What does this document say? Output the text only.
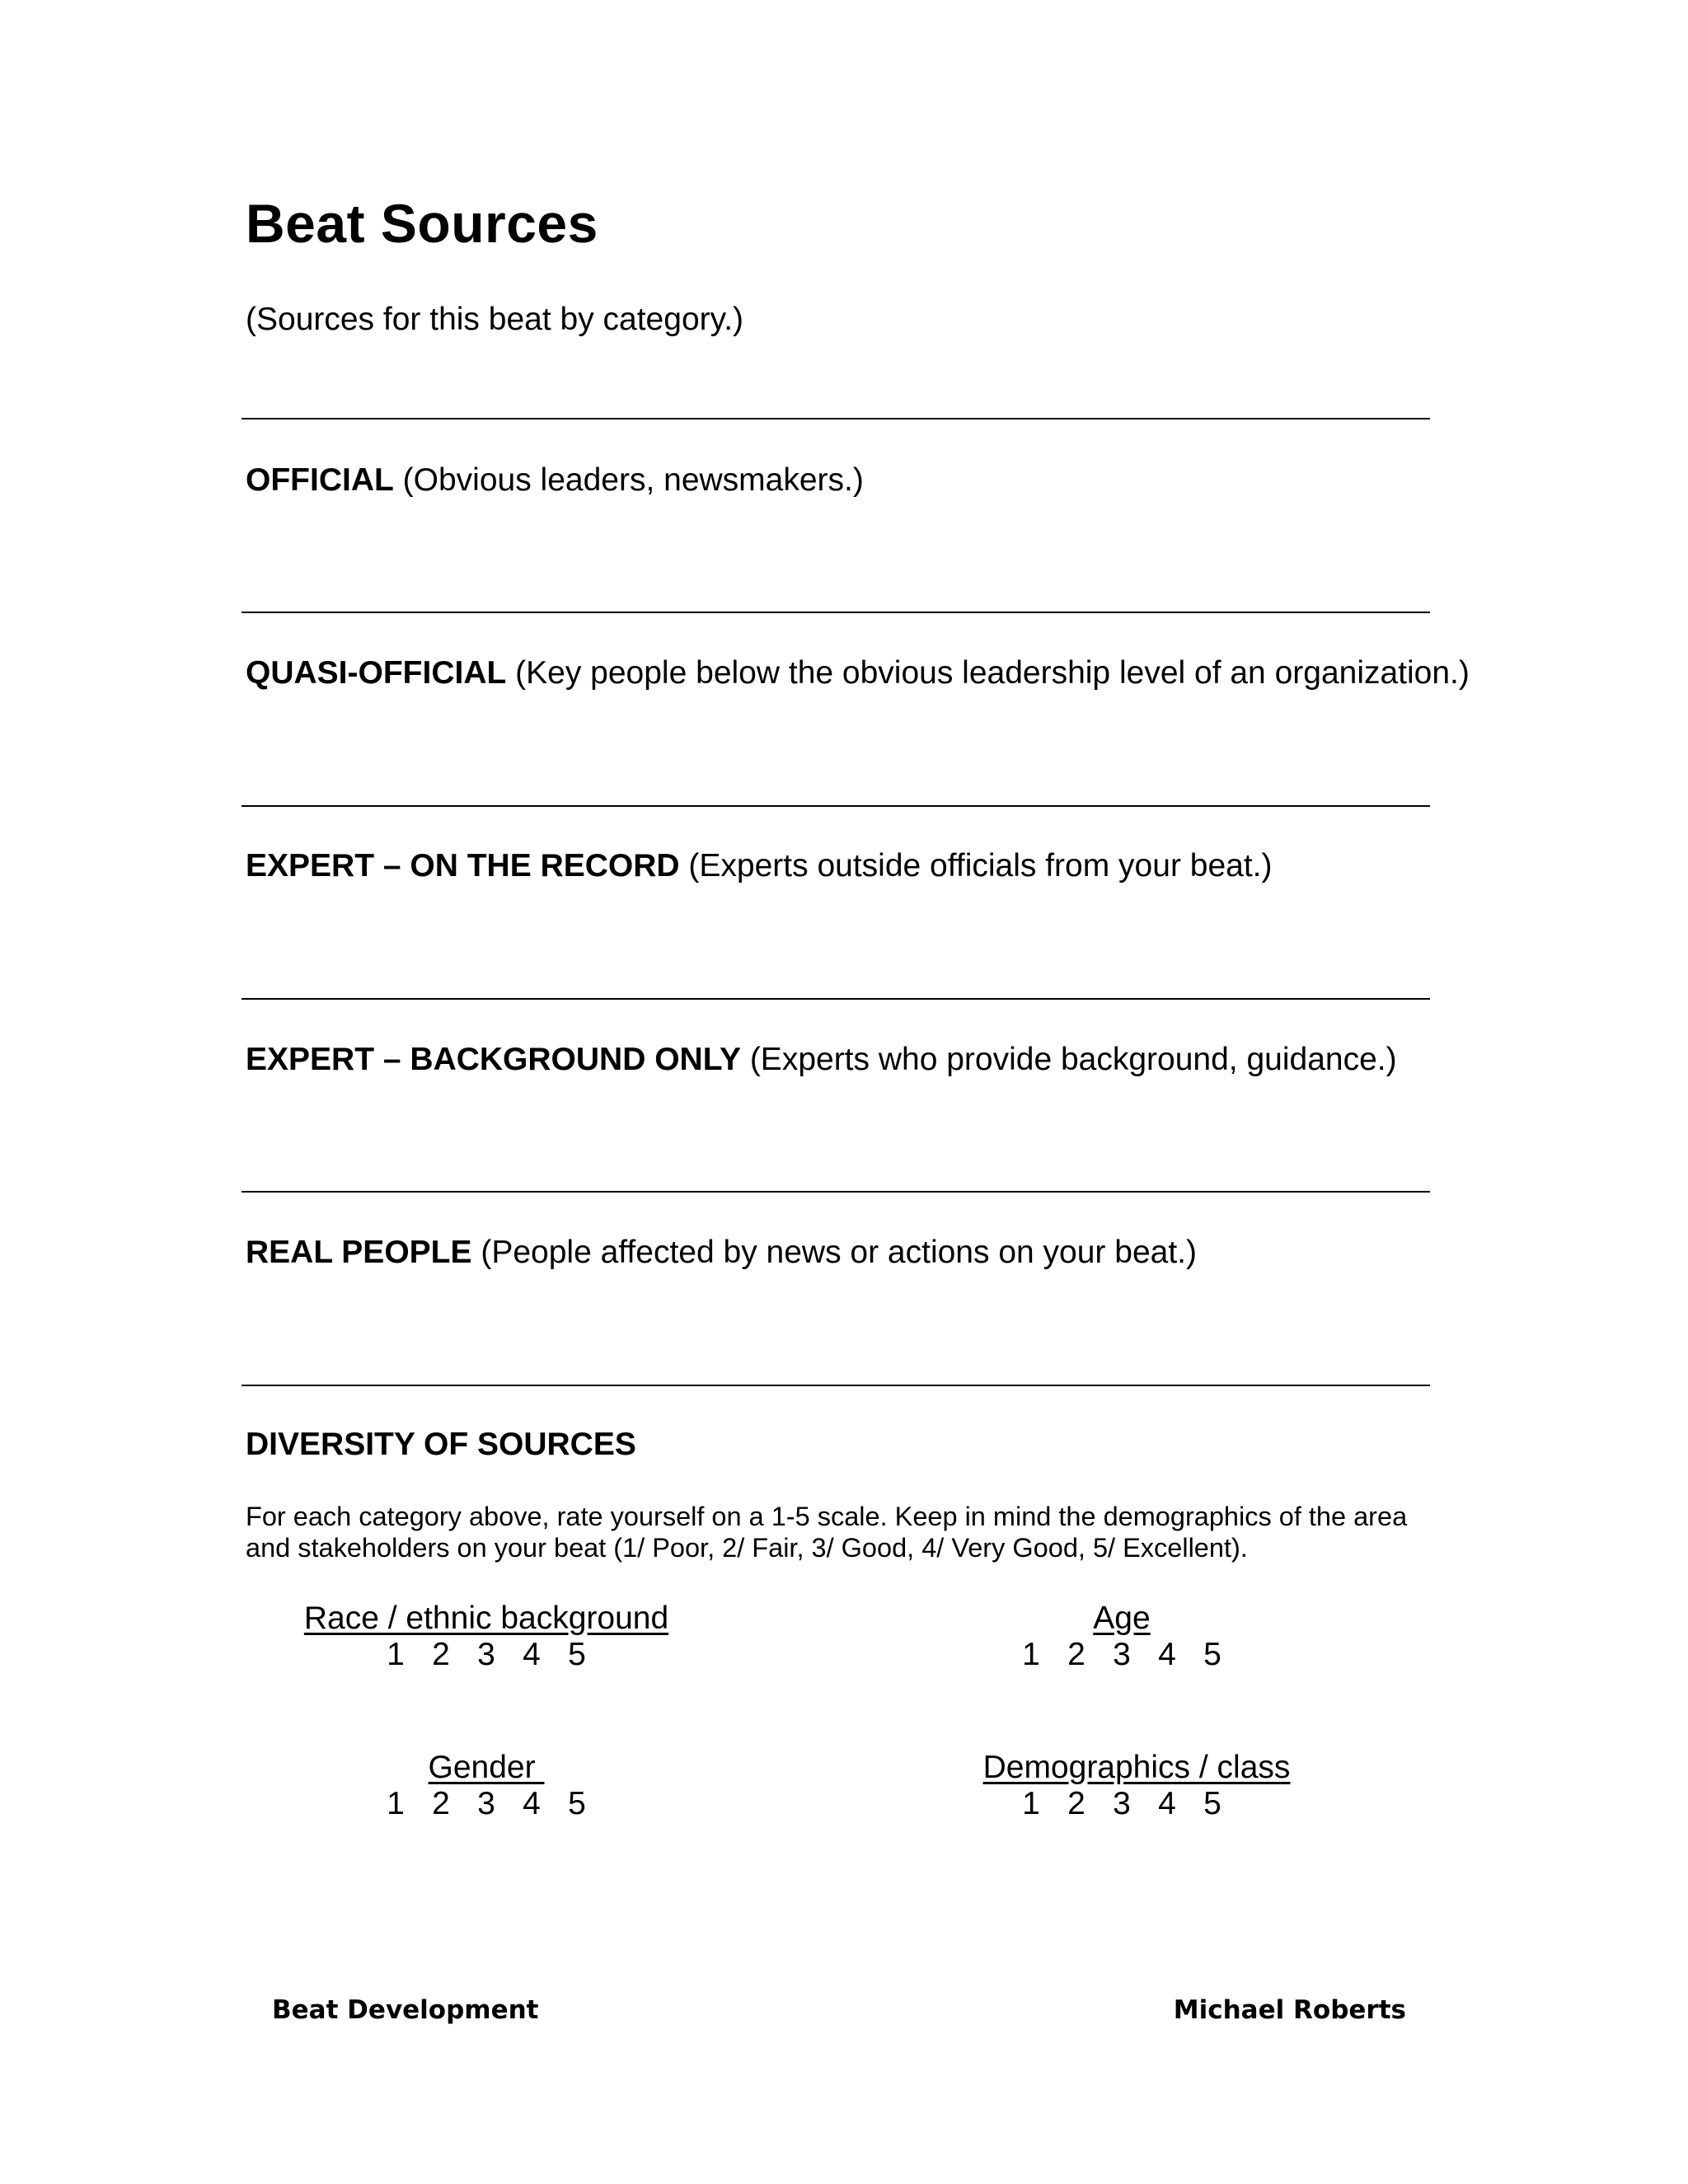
Beat Sources
(Sources for this beat by category.)
OFFICIAL (Obvious leaders, newsmakers.)
QUASI-OFFICIAL (Key people below the obvious leadership level of an organization.)
EXPERT – ON THE RECORD (Experts outside officials from your beat.)
EXPERT – BACKGROUND ONLY (Experts who provide background, guidance.)
REAL PEOPLE (People affected by news or actions on your beat.)
DIVERSITY OF SOURCES
For each category above, rate yourself on a 1-5 scale. Keep in mind the demographics of the area and stakeholders on your beat (1/ Poor, 2/ Fair, 3/ Good, 4/ Very Good, 5/ Excellent).
Race / ethnic background
1 2 3 4 5
Age
1 2 3 4 5
Gender
1 2 3 4 5
Demographics / class
1 2 3 4 5
Beat Development	Michael Roberts
